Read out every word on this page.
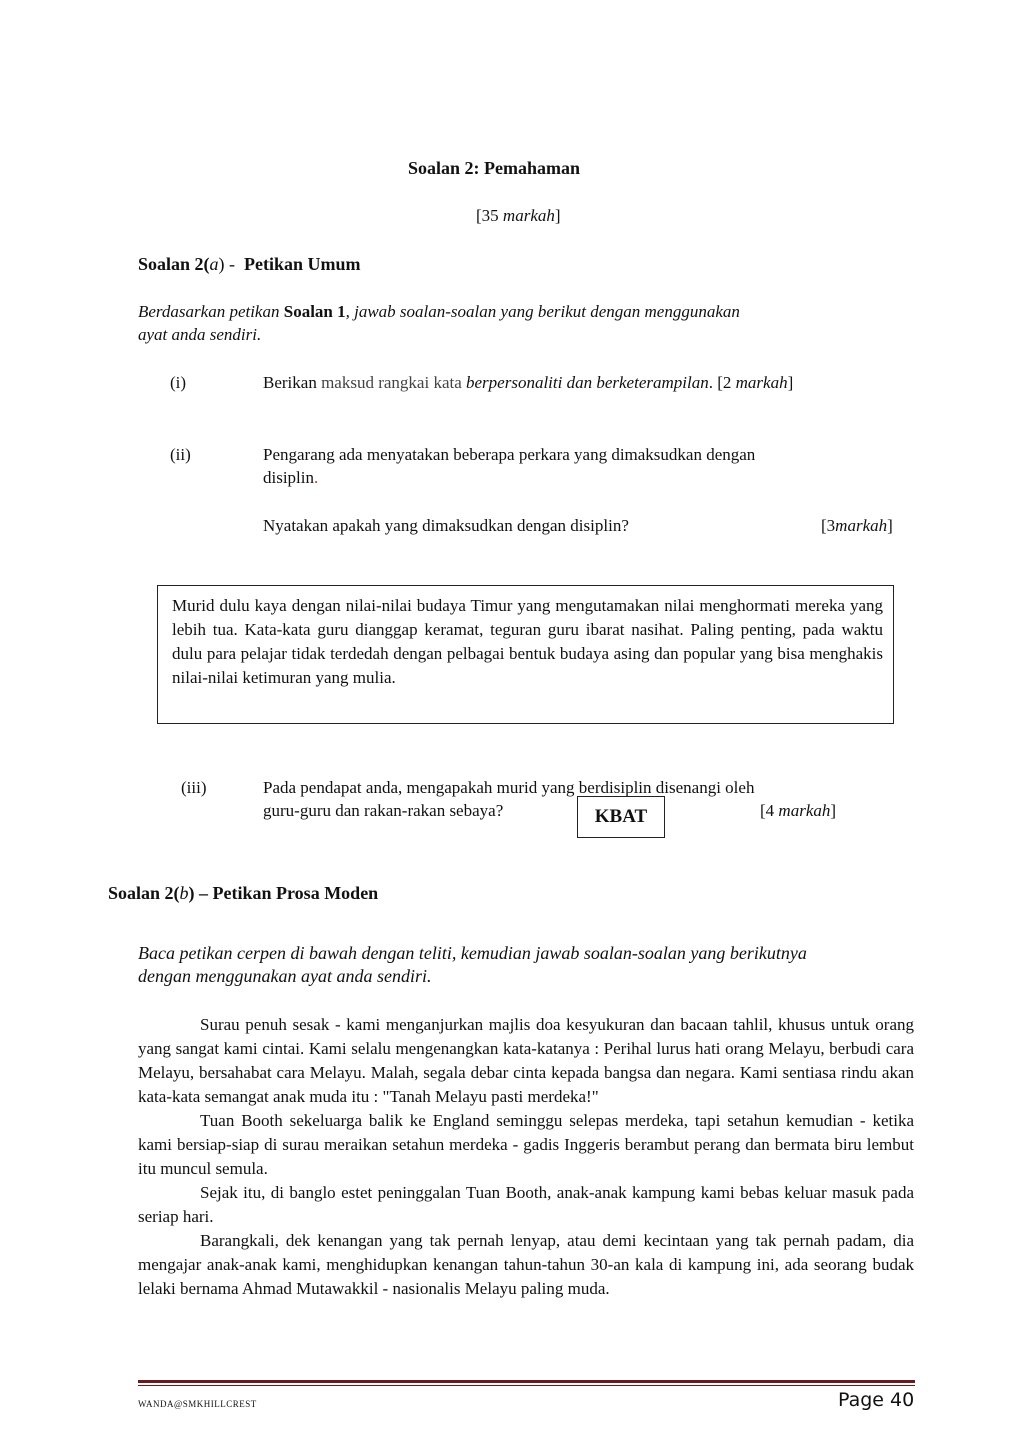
Soalan 2: Pemahaman
[35 markah]
Soalan 2(a) -  Petikan Umum
Berdasarkan petikan Soalan 1, jawab soalan-soalan yang berikut dengan menggunakan
ayat anda sendiri.
(i)	Berikan maksud rangkai kata berpersonaliti dan berketerampilan. [2 markah]
(ii)	Pengarang ada menyatakan beberapa perkara yang dimaksudkan dengan
disiplin.
Nyatakan apakah yang dimaksudkan dengan disiplin?	[3markah]
Murid dulu kaya dengan nilai-nilai budaya Timur yang mengutamakan nilai menghormati mereka yang lebih tua. Kata-kata guru dianggap keramat, teguran guru ibarat nasihat. Paling penting, pada waktu dulu para pelajar tidak terdedah dengan pelbagai bentuk budaya asing dan popular yang bisa menghakis nilai-nilai ketimuran yang mulia.
(iii)	Pada pendapat anda, mengapakah murid yang berdisiplin disenangi oleh
guru-guru dan rakan-rakan sebaya?	KBAT	[4 markah]
Soalan 2(b) – Petikan Prosa Moden
Baca petikan cerpen di bawah dengan teliti, kemudian jawab soalan-soalan yang berikutnya
dengan menggunakan ayat anda sendiri.

Surau penuh sesak - kami menganjurkan majlis doa kesyukuran dan bacaan tahlil, khusus untuk orang yang sangat kami cintai. Kami selalu mengenangkan kata-katanya : Perihal lurus hati orang Melayu, berbudi cara Melayu, bersahabat cara Melayu. Malah, segala debar cinta kepada bangsa dan negara. Kami sentiasa rindu akan kata-kata semangat anak muda itu : "Tanah Melayu pasti merdeka!"

Tuan Booth sekeluarga balik ke England seminggu selepas merdeka, tapi setahun kemudian - ketika kami bersiap-siap di surau meraikan setahun merdeka - gadis Inggeris berambut perang dan bermata biru lembut itu muncul semula.

Sejak itu, di banglo estet peninggalan Tuan Booth, anak-anak kampung kami bebas keluar masuk pada seriap hari.

Barangkali, dek kenangan yang tak pernah lenyap, atau demi kecintaan yang tak pernah padam, dia mengajar anak-anak kami, menghidupkan kenangan tahun-tahun 30-an kala di kampung ini, ada seorang budak lelaki bernama Ahmad Mutawakkil - nasionalis Melayu paling muda.

WANDA@SMKHILLCREST	Page 40
